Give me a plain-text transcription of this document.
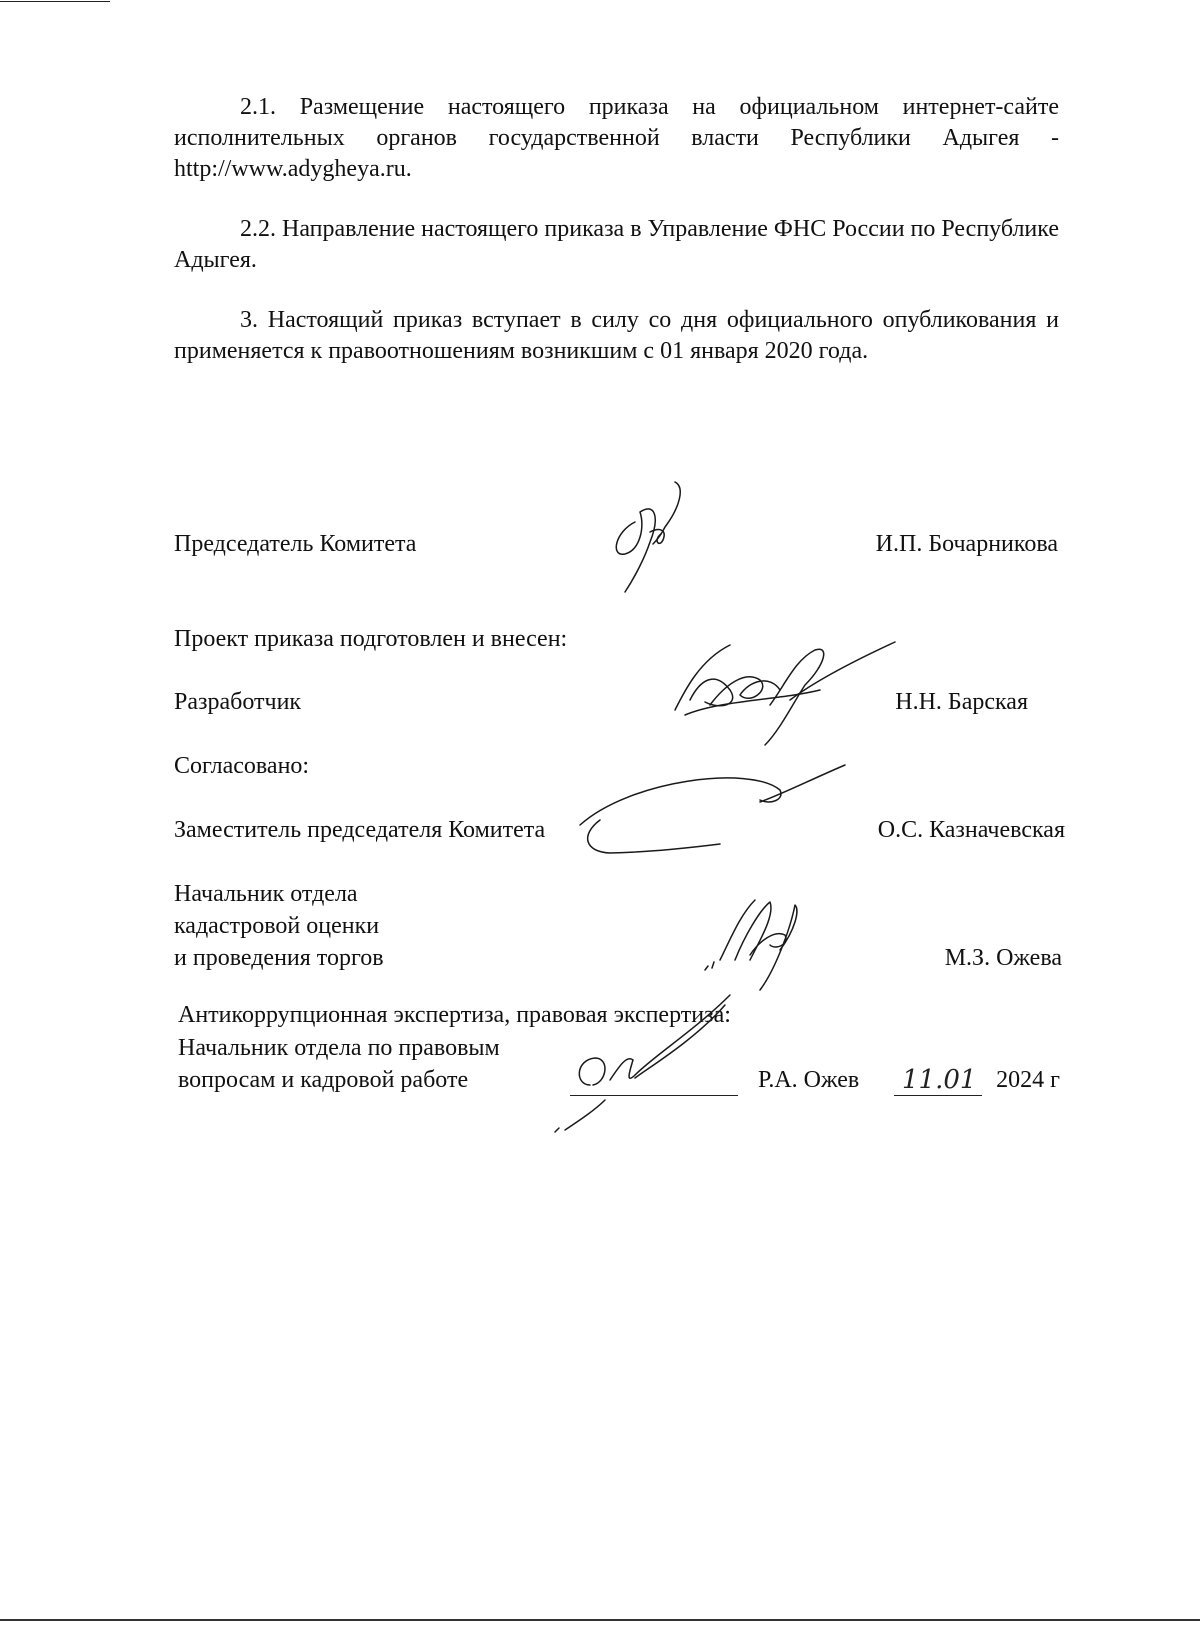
2.1. Размещение настоящего приказа на официальном интернет-сайте исполнительных органов государственной власти Республики Адыгея - http://www.adygheya.ru.

2.2. Направление настоящего приказа в Управление ФНС России по Республике Адыгея.

3. Настоящий приказ вступает в силу со дня официального опубликования и применяется к правоотношениям возникшим с 01 января 2020 года.

Председатель Комитета	И.П. Бочарникова
Проект приказа подготовлен и внесен:
Разработчик	Н.Н. Барская
Согласовано:
Заместитель председателя Комитета	О.С. Казначевская
Начальник отдела
кадастровой оценки
и проведения торгов	М.З. Ожева
Антикоррупционная экспертиза, правовая экспертиза:
Начальник отдела по правовым
вопросам и кадровой работе	Р.А. Ожев 11.01 2024 г
